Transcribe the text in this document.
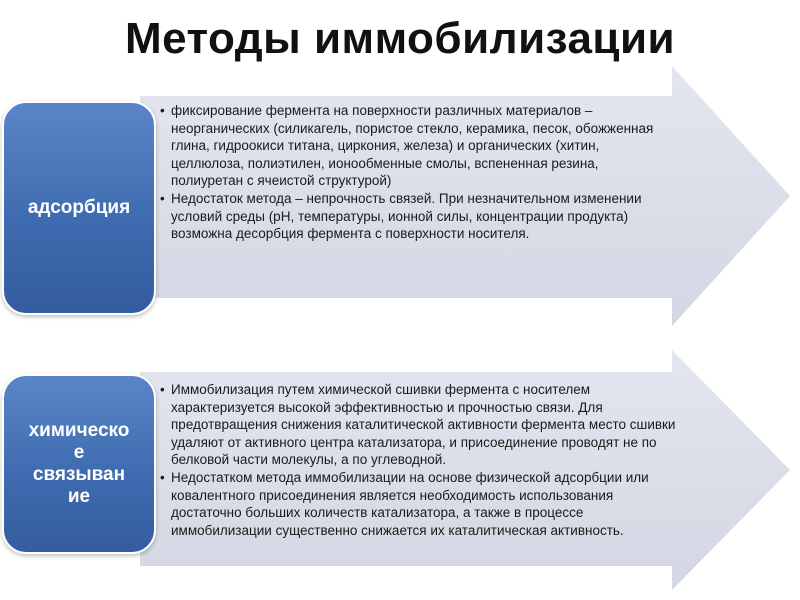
Методы иммобилизации
адсорбция
• фиксирование фермента на поверхности различных материалов – неорганических (силикагель, пористое стекло, керамика, песок, обожженная глина, гидроокиси титана, циркония, железа) и органических (хитин, целлюлоза, полиэтилен, ионообменные смолы, вспененная резина, полиуретан с ячеистой структурой)
• Недостаток метода – непрочность связей. При незначительном изменении условий среды (рН, температуры, ионной силы, концентрации продукта) возможна десорбция фермента с поверхности носителя.
химическо
е
связыван
ие
• Иммобилизация путем химической сшивки фермента с носителем характеризуется высокой эффективностью и прочностью связи. Для предотвращения снижения каталитической активности фермента место сшивки удаляют от активного центра катализатора, и присоединение проводят не по белковой части молекулы, а по углеводной.
• Недостатком метода иммобилизации на основе физической адсорбции или ковалентного присоединения является необходимость использования достаточно больших количеств катализатора, а также в процессе иммобилизации существенно снижается их каталитическая активность.
